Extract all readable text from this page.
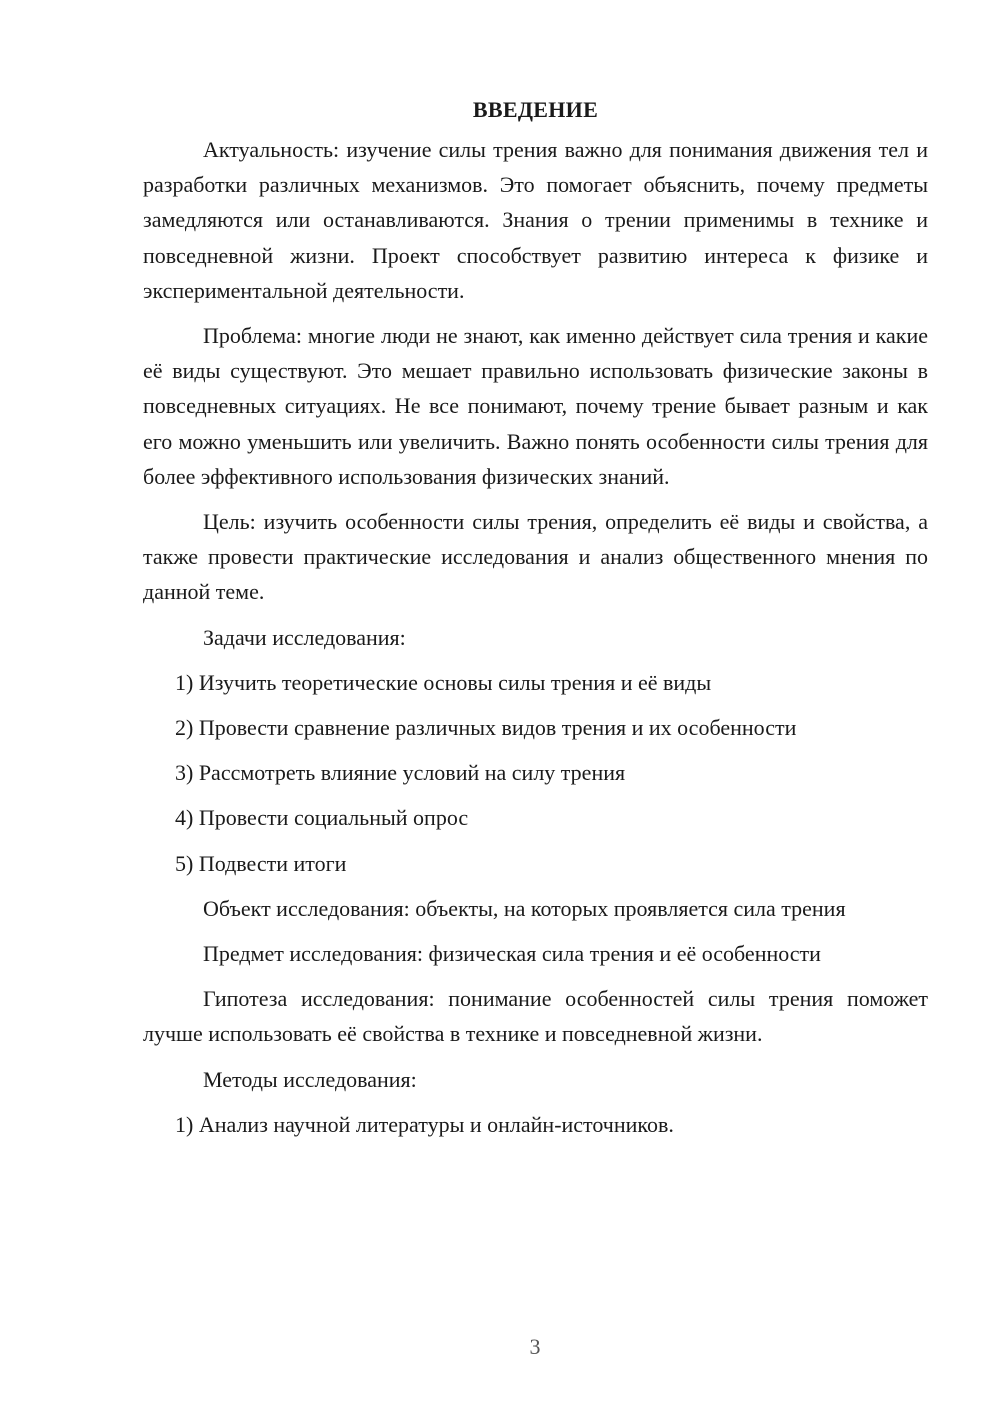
ВВЕДЕНИЕ

Актуальность: изучение силы трения важно для понимания движения тел и разработки различных механизмов. Это помогает объяснить, почему предметы замедляются или останавливаются. Знания о трении применимы в технике и повседневной жизни. Проект способствует развитию интереса к физике и экспериментальной деятельности.

Проблема: многие люди не знают, как именно действует сила трения и какие её виды существуют. Это мешает правильно использовать физические законы в повседневных ситуациях. Не все понимают, почему трение бывает разным и как его можно уменьшить или увеличить. Важно понять особенности силы трения для более эффективного использования физических знаний.

Цель: изучить особенности силы трения, определить её виды и свойства, а также провести практические исследования и анализ общественного мнения по данной теме.

Задачи исследования:

1) Изучить теоретические основы силы трения и её виды
2) Провести сравнение различных видов трения и их особенности
3) Рассмотреть влияние условий на силу трения
4) Провести социальный опрос
5) Подвести итоги

Объект исследования: объекты, на которых проявляется сила трения

Предмет исследования: физическая сила трения и её особенности

Гипотеза исследования: понимание особенностей силы трения поможет лучше использовать её свойства в технике и повседневной жизни.

Методы исследования:

1) Анализ научной литературы и онлайн-источников.
3
